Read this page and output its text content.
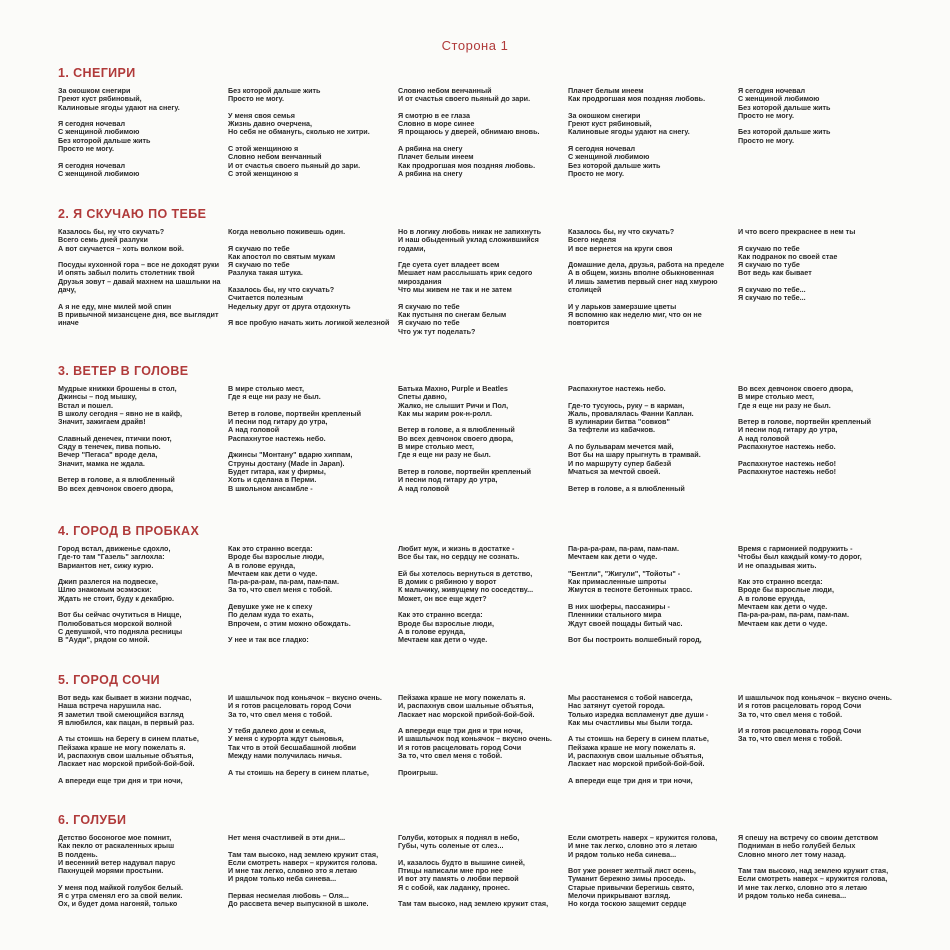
Сторона 1
1. СНЕГИРИ
За окошком снегири
Греют куст рябиновый,
Калиновые ягоды удают на снегу.

Я сегодня ночевал
С женщиной любимою
Без которой дальше жить
Просто не могу.

Я сегодня ночевал
С женщиной любимою
Без которой дальше жить
Просто не могу.

У меня своя семья
Жизнь давно очерчена,
Но себя не обманугь, сколько не хитри.

С этой женщиною я
Словно небом венчанный
И от счастья своего пьяный до зари.
С этой женщиною я
Словно небом венчанный
И от счастья своего пьяный до зари.

Я смотрю в ее глаза
Словно в море синее
Я прощаюсь у дверей, обнимаю вновь.

А рябина на снегу
Плачет белым инеем
Как продрогшая моя поздняя любовь.
А рябина на снегу
Плачет белым инеем
Как продрогшая моя поздняя любовь.

За окошком снегири
Греют куст рябиновый,
Калиновые ягоды удают на снегу.

Я сегодня ночевал
С женщиной любимою
Без которой дальше жить
Просто не могу.
Я сегодня ночевал
С женщиной любимою
Без которой дальше жить
Просто не могу.

Без которой дальше жить
Просто не могу.
2. Я СКУЧАЮ ПО ТЕБЕ
Казалось бы, ну что скучать?
Всего семь дней разлуки
А вот скучается – хоть волком вой.

Посуды кухонной гора – все не доходят руки
И опять забыл полить столетник твой
Друзья зовут – давай махнем на шашлыки на дачу,

А я не еду, мне милей мой спин
В привычной мизансцене дня, все выглядит иначе
Когда невольно поживешь один.

Я скучаю по тебе
Как апостол по святым мукам
Я скучаю по тебе
Разлука такая штука.

Казалось бы, ну что скучать?
Считается полезным
Недельку друг от друга отдохнуть

Я все пробую начать жить логикой железной
Но в логику любовь никак не запихнуть
И наш обыденный уклад сложившийся годами,

Где суета сует владеет всем
Мешает нам расслышать крик седого мироздания
Что мы живем не так и не затем

Я скучаю по тебе
Как пустыня по снегам белым
Я скучаю по тебе
Что уж тут поделать?
Казалось бы, ну что скучать?
Всего неделя
И все вернется на круги своя

Домашние дела, друзья, работа на пределе
А в общем, жизнь вполне обыкновенная
И лишь заметив первый снег над хмурою столицей

И у ларьков замерзшие цветы
Я вспомню как неделю миг, что он не повторится
И что всего прекраснее в нем ты

Я скучаю по тебе
Как подранок по своей стае
Я скучаю по тубе
Вот ведь как бывает

Я скучаю по тебе...
Я скучаю по тебе...
3. ВЕТЕР В ГОЛОВЕ
Мудрые книжки брошены в стол,
Джинсы – под мышку,
Встал и пошел.
В школу сегодня – явно не в кайф,
Значит, зажигаем драйв!

Славный денечек, птички поют,
Сяду в тенечек, пива попью.
Вечер "Пегаса" вроде дела,
Значит, мамка не ждала.

Ветер в голове, а я влюбленный
Во всех девчонок своего двора,
В мире столько мест,
Где я еще ни разу не был.

Ветер в голове, портвейн крепленый
И песни под гитару до утра,
А над головой
Распахнутое настежь небо.

Джинсы "Монтану" вдарю хиппам,
Струны достану (Made in Japan).
Будет гитара, как у фирмы,
Хоть и сделана в Перми.
В школьном ансамбле -
Батька Махно, Purple и Beatles
Спеты давно,
Жалко, не слышит Ричи и Пол,
Как мы жарим рок-н-ролл.

Ветер в голове, а я влюбленный
Во всех девчонок своего двора,
В мире столько мест,
Где я еще ни разу не был.

Ветер в голове, портвейн крепленый
И песни под гитару до утра,
А над головой
Распахнутое настежь небо.

Где-то тусуюсь, руку – в карман,
Жаль, провалялась Фанни Каплан.
В кулинарии битва "совков"
За тефтели из кабачков.

А по бульварам мечется май,
Вот бы на шару прыгнуть в трамвай.
И по маршруту супер бабезй
Мчаться за мечтой своей.

Ветер в голове, а я влюбленный
Во всех девчонок своего двора,
В мире столько мест,
Где я еще ни разу не был.

Ветер в голове, портвейн крепленый
И песни под гитару до утра,
А над головой
Распахнутое настежь небо.

Распахнутое настежь небо!
Распахнутое настежь небо!
4. ГОРОД В ПРОБКАХ
Город встал, движенье сдохло,
Где-то там "Газель" заглохла:
Вариантов нет, сижу курю.

Джип разлегся на подвеске,
Шлю знакомым эсэмэски:
Ждать не стоит, буду к декабрю.

Вот бы сейчас очутиться в Ницце,
Полюбоваться морской волной
С девушкой, что подняла ресницы
В "Ауди", рядом со мной.
Как это странно всегда:
Вроде бы взрослые люди,
А в голове ерунда,
Мечтаем как дети о чуде.
Па-ра-ра-рам, па-рам, пам-пам.
За то, что свел меня с тобой.

Девушке уже не к спеху
По делам куда то ехать,
Впрочем, с этим можно обождать.

У нее и так все гладко:
Любит муж, и жизнь в достатке -
Все бы так, но сердцу не сознать.

Ей бы хотелось вернуться в детство,
В домик с рябиною у ворот
К мальчику, живущему по соседству...
Может, он все еще ждет?

Как это странно всегда:
Вроде бы взрослые люди,
А в голове ерунда,
Мечтаем как дети о чуде.
Па-ра-ра-рам, па-рам, пам-пам.
Мечтаем как дети о чуде.

"Бентли", "Жигули", "Тойоты" -
Как примасленные шпроты
Жмутся в тесноте бетонных трасс.

В них шоферы, пассажиры -
Пленники стального мира
Ждут своей пощады битый час.

Вот бы построить волшебный город,
Время с гармонией подружить -
Чтобы был каждый кому-то дорог,
И не опаздывая жить.

Как это странно всегда:
Вроде бы взрослые люди,
А в голове ерунда,
Мечтаем как дети о чуде.
Па-ра-ра-рам, па-рам, пам-пам.
Мечтаем как дети о чуде.
5. ГОРОД СОЧИ
Вот ведь как бывает в жизни подчас,
Наша встреча нарушила нас.
Я заметил твой смеющийся взгляд
Я влюбился, как пацан, в первый раз.

А ты стоишь на берегу в синем платье,
Пейзажа краше не могу пожелать я.
И, распахнув свои шальные объятья,
Ласкает нас морской прибой-бой-бой.

А впереди еще три дня и три ночи,
И шашлычок под коньячок – вкусно очень.
И я готов расцеловать город Сочи
За то, что свел меня с тобой.

У тебя далеко дом и семья,
У меня с курорта ждут сыновья,
Так что в этой бесшабашной любви
Между нами получилась ничья.

А ты стоишь на берегу в синем платье,
Пейзажа краше не могу пожелать я.
И, распахнув свои шальные объятья,
Ласкает нас морской прибой-бой-бой.

А впереди еще три дня и три ночи,
И шашлычок под коньячок – вкусно очень.
И я готов расцеловать город Сочи
За то, что свел меня с тобой.

Проигрыш.
Мы расстанемся с тобой навсегда,
Нас затянут суетой города.
Только изредка вспламенут две души -
Как мы счастливы мы были тогда.

А ты стоишь на берегу в синем платье,
Пейзажа краше не могу пожелать я.
И, распахнув свои шальные объятья,
Ласкает нас морской прибой-бой-бой.

А впереди еще три дня и три ночи,
И шашлычок под коньячок – вкусно очень.
И я готов расцеловать город Сочи
За то, что свел меня с тобой.

И я готов расцеловать город Сочи
За то, что свел меня с тобой.
6. ГОЛУБИ
Детство босоногое мое помнит,
Как пекло от раскаленных крыш
В полдень.
И весенний ветер надувал парус
Пахнущей морями простыни.

У меня под майкой голубок белый.
Я с утра сменял его за свой велик.
Ох, и будет дома нагоняй, только
Нет меня счастливей в эти дни...

Там там высоко, над землею кружит стая,
Если смотреть наверх – кружится голова.
И мне так легко, словно это я летаю
И рядом только неба синева...

Первая несмелая любовь – Оля...
До рассвета вечер выпускной в школе.
Голуби, которых я поднял в небо,
Губы, чуть соленые от слез...

И, казалось будто в вышине синей,
Птицы написали мне про нее
И вот эту память о любви первой
Я с собой, как ладанку, пронес.

Там там высоко, над землею кружит стая,
Если смотреть наверх – кружится голова,
И мне так легко, словно это я летаю
И рядом только неба синева...

Вот уже роняет желтый лист осень,
Туманит бережно зимы проседь.
Старые привычки берегишь свято,
Мелочи прикрывают взгляд.
Но когда тоскою защемит сердце
Я спешу на встречу со своим детством
Подниман в небо голубей белых
Словно много лет тому назад.

Там там высоко, над землею кружит стая,
Если смотреть наверх – кружится голова,
И мне так легко, словно это я летаю
И рядом только неба синева...
